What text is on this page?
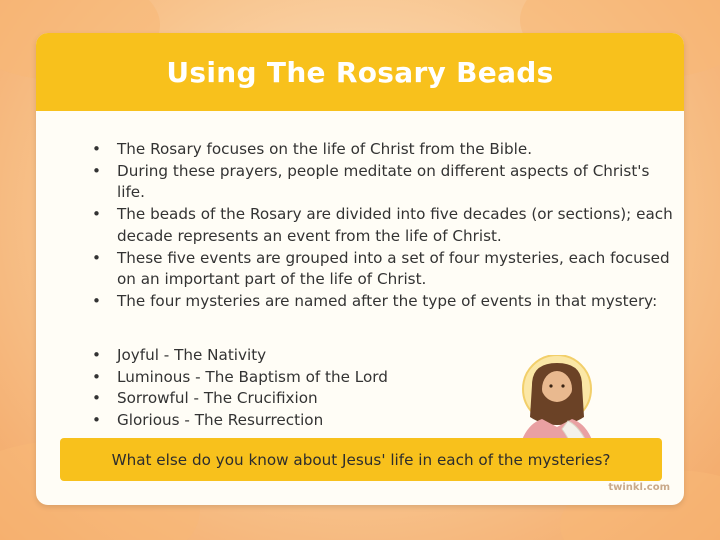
Using The Rosary Beads
• The Rosary focuses on the life of Christ from the Bible.
• During these prayers, people meditate on different aspects of Christ's life.
• The beads of the Rosary are divided into five decades (or sections); each decade represents an event from the life of Christ.
• These five events are grouped into a set of four mysteries, each focused on an important part of the life of Christ.
• The four mysteries are named after the type of events in that mystery:
• Joyful - The Nativity
• Luminous - The Baptism of the Lord
• Sorrowful - The Crucifixion
• Glorious - The Resurrection
twinkl.com
What else do you know about Jesus' life in each of the mysteries?
